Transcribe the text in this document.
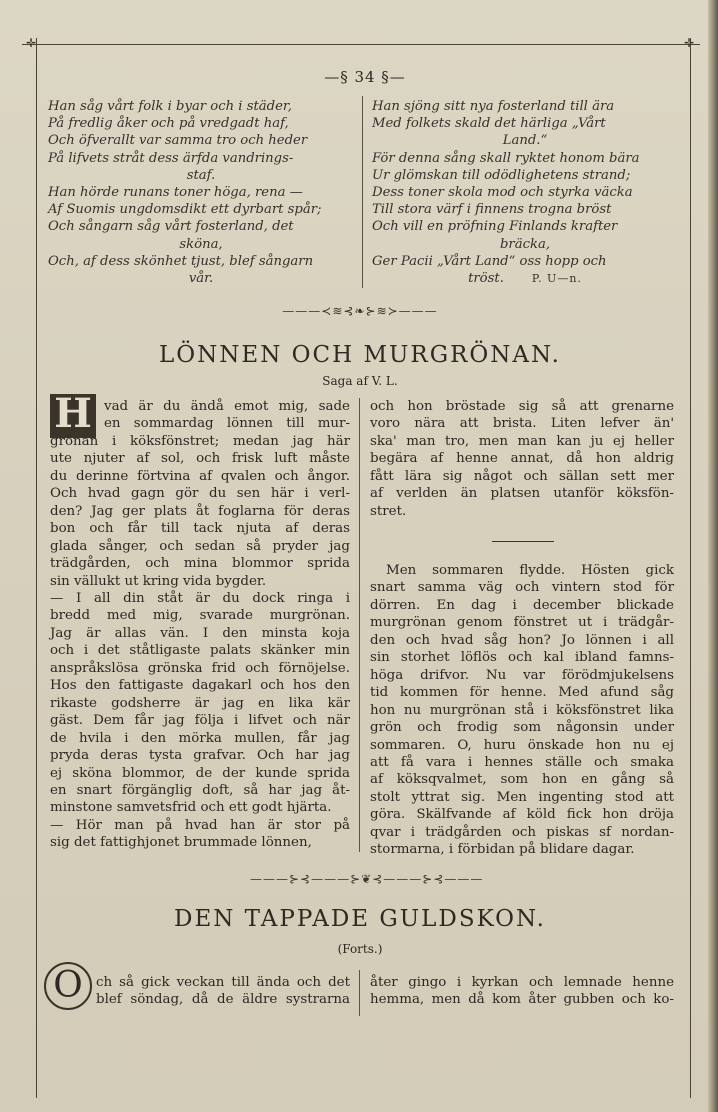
✛	✛
—§ 34 §—
Han såg vårt folk i byar och i städer,
På fredlig åker och på vredgadt haf,
Och öfverallt var samma tro och heder
På lifvets stråt dess ärfda vandrings-
staf.
Han hörde runans toner höga, rena —
Af Suomis ungdomsdikt ett dyrbart spår;
Och sångarn såg vårt fosterland, det
sköna,
Och, af dess skönhet tjust, blef sångarn
vår.
Han sjöng sitt nya fosterland till ära
Med folkets skald det härliga „Vårt
Land.“
För denna sång skall ryktet honom bära
Ur glömskan till odödlighetens strand;
Dess toner skola mod och styrka väcka
Till stora värf i finnens trogna bröst
Och vill en pröfning Finlands krafter
bräcka,
Ger Pacii „Vårt Land“ oss hopp och
tröst.	P. U—n.
———≺≋⊰❧⊱≋≻———
LÖNNEN OCH MURGRÖNAN.
Saga af V. L.
H vad är du ändå emot mig, sade
en sommardag lönnen till mur-
grönan i köksfönstret; medan jag här
ute njuter af sol, och frisk luft måste
du derinne förtvina af qvalen och ångor.
Och hvad gagn gör du sen här i verl-
den? Jag ger plats åt foglarna för deras
bon och får till tack njuta af deras
glada sånger, och sedan så pryder jag
trädgården, och mina blommor sprida
sin vällukt ut kring vida bygder.
— I all din ståt är du dock ringa i
bredd med mig, svarade murgrönan.
Jag är allas vän. I den minsta koja
och i det ståtligaste palats skänker min
anspråkslösa grönska frid och förnöjelse.
Hos den fattigaste dagakarl och hos den
rikaste godsherre är jag en lika kär
gäst. Dem får jag följa i lifvet och när
de hvila i den mörka mullen, får jag
pryda deras tysta grafvar. Och har jag
ej sköna blommor, de der kunde sprida
en snart förgänglig doft, så har jag åt-
minstone samvetsfrid och ett godt hjärta.
— Hör man på hvad han är stor på
sig det fattighjonet brummade lönnen,
och hon bröstade sig så att grenarne
voro nära att brista. Liten lefver än'
ska' man tro, men man kan ju ej heller
begära af henne annat, då hon aldrig
fått lära sig något och sällan sett mer
af verlden än platsen utanför köksfön-
stret.
Men sommaren flydde. Hösten gick
snart samma väg och vintern stod för
dörren. En dag i december blickade
murgrönan genom fönstret ut i trädgår-
den och hvad såg hon? Jo lönnen i all
sin storhet löflös och kal ibland famns-
höga drifvor. Nu var förödmjukelsens
tid kommen för henne. Med afund såg
hon nu murgrönan stå i köksfönstret lika
grön och frodig som någonsin under
sommaren. O, huru önskade hon nu ej
att få vara i hennes ställe och smaka
af köksqvalmet, som hon en gång så
stolt yttrat sig. Men ingenting stod att
göra. Skälfvande af köld fick hon dröja
qvar i trädgården och piskas sf nordan-
stormarna, i förbidan på blidare dagar.
———⊱⊰———⊱❦⊰———⊱⊰———
DEN TAPPADE GULDSKON.
(Forts.)
O ch så gick veckan till ända och det
blef söndag, då de äldre systrarna
åter gingo i kyrkan och lemnade henne
hemma, men då kom åter gubben och ko-
